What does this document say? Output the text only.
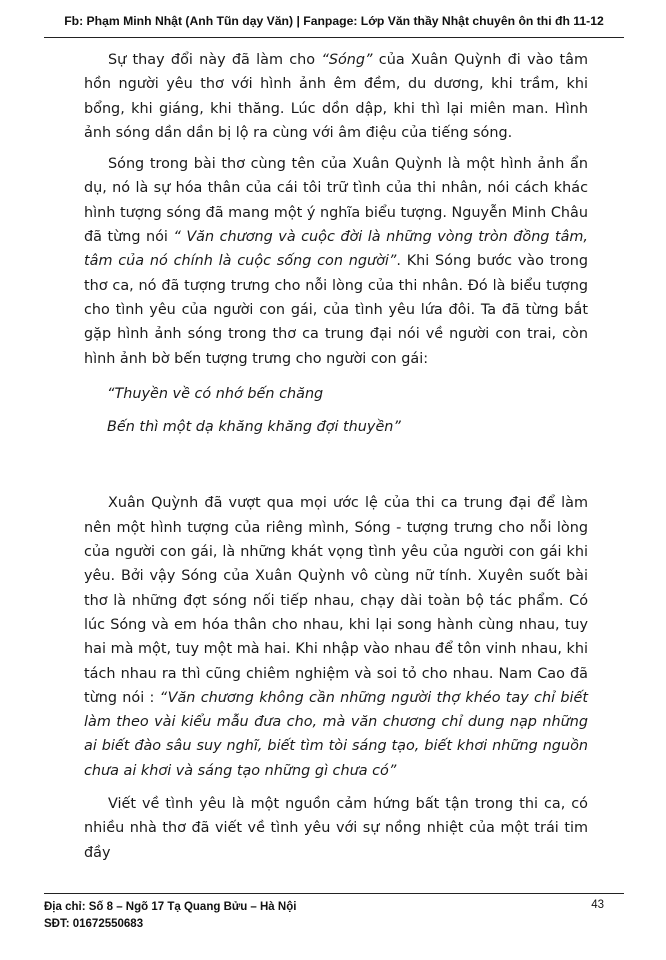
Fb: Phạm Minh Nhật (Anh Tũn dạy Văn) | Fanpage: Lớp Văn thầy Nhật chuyên ôn thi đh 11-12

Sự thay đổi này đã làm cho “Sóng” của Xuân Quỳnh đi vào tâm hồn người yêu thơ với hình ảnh êm đềm, du dương, khi trầm, khi bổng, khi giáng, khi thăng. Lúc dồn dập, khi thì lại miên man. Hình ảnh sóng dần dần bị lộ ra cùng với âm điệu của tiếng sóng.

Sóng trong bài thơ cùng tên của Xuân Quỳnh là một hình ảnh ẩn dụ, nó là sự hóa thân của cái tôi trữ tình của thi nhân, nói cách khác hình tượng sóng đã mang một ý nghĩa biểu tượng. Nguyễn Minh Châu đã từng nói “ Văn chương và cuộc đời là những vòng tròn đồng tâm, tâm của nó chính là cuộc sống con người”. Khi Sóng bước vào trong thơ ca, nó đã tượng trưng cho nỗi lòng của thi nhân. Đó là biểu tượng cho tình yêu của người con gái, của tình yêu lứa đôi. Ta đã từng bắt gặp hình ảnh sóng trong thơ ca trung đại nói về người con trai, còn hình ảnh bờ bến tượng trưng cho người con gái:

“Thuyền về có nhớ bến chăng

Bến thì một dạ khăng khăng đợi thuyền”

Xuân Quỳnh đã vượt qua mọi ước lệ của thi ca trung đại để làm nên một hình tượng của riêng mình, Sóng - tượng trưng cho nỗi lòng của người con gái, là những khát vọng tình yêu của người con gái khi yêu. Bởi vậy Sóng của Xuân Quỳnh vô cùng nữ tính. Xuyên suốt bài thơ là những đợt sóng nối tiếp nhau, chạy dài toàn bộ tác phẩm. Có lúc Sóng và em hóa thân cho nhau, khi lại song hành cùng nhau, tuy hai mà một, tuy một mà hai. Khi nhập vào nhau để tôn vinh nhau, khi tách nhau ra thì cũng chiêm nghiệm và soi tỏ cho nhau. Nam Cao đã từng nói : “Văn chương không cần những người thợ khéo tay chỉ biết làm theo vài kiểu mẫu đưa cho, mà văn chương chỉ dung nạp những ai biết đào sâu suy nghĩ, biết tìm tòi sáng tạo, biết khơi những nguồn chưa ai khơi và sáng tạo những gì chưa có”

Viết về tình yêu là một nguồn cảm hứng bất tận trong thi ca, có nhiều nhà thơ đã viết về tình yêu với sự nồng nhiệt của một trái tim đầy

Địa chỉ: Số 8 – Ngõ 17 Tạ Quang Bửu – Hà Nội
SĐT: 01672550683
43
